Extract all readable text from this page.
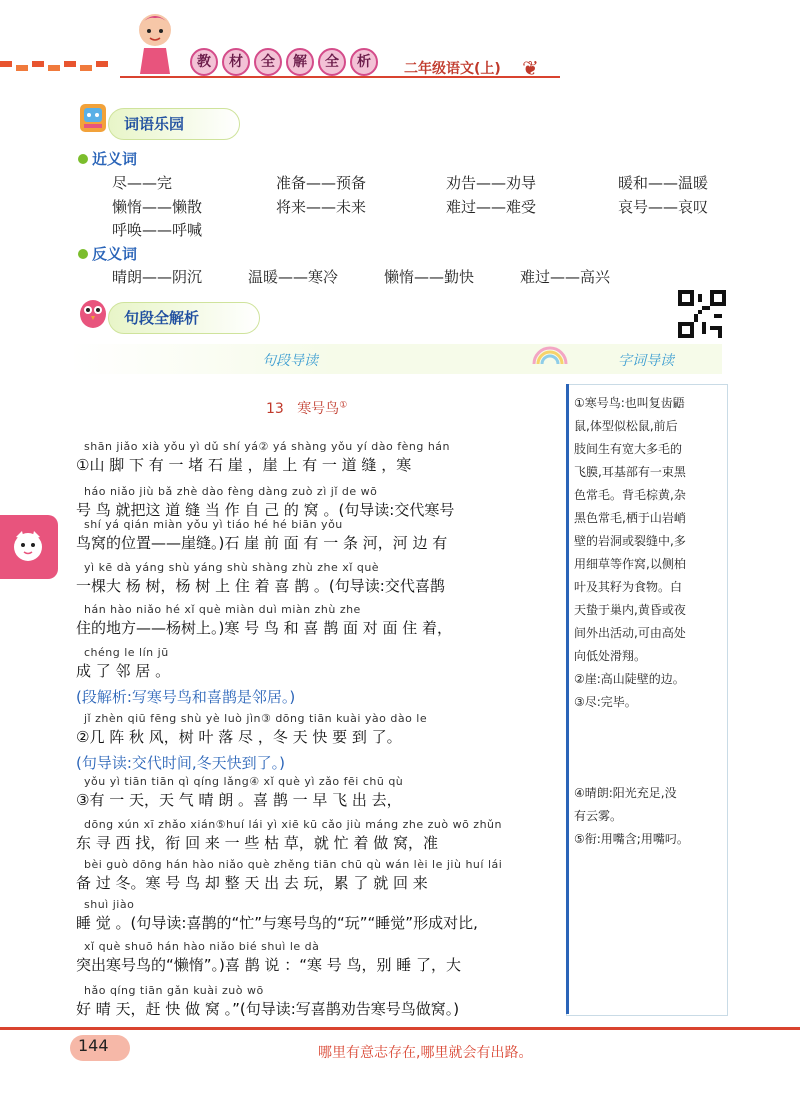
教	材	全	解	全	析	二年级语文(上) ❦
词语乐园
近义词
尽——完	准备——预备	劝告——劝导	暖和——温暖
懒惰——懒散	将来——未来	难过——难受	哀号——哀叹
呼唤——呼喊
反义词
晴朗——阴沉	温暖——寒冷	懒惰——勤快	难过——高兴
句段全解析
句段导读	字词导读
13 寒号鸟①
shān jiǎo xià yǒu yì dǔ shí yá② yá shàng yǒu yí dào fèng hán
①山 脚 下 有 一 堵 石 崖 ，崖 上 有 一 道 缝 ，寒
háo niǎo jiù bǎ zhè dào fèng dàng zuò zì jǐ de wō
号 鸟 就把这 道 缝 当 作 自 己 的 窝 。(句导读:交代寒号
shí yá qián miàn yǒu yì tiáo hé hé biān yǒu
鸟窝的位置——崖缝。)石 崖 前 面 有 一 条 河，河 边 有
yì kē dà yáng shù yáng shù shàng zhù zhe xǐ què
一棵大 杨 树，杨 树 上 住 着 喜 鹊 。(句导读:交代喜鹊
hán hào niǎo hé xǐ què miàn duì miàn zhù zhe
住的地方——杨树上。)寒 号 鸟 和 喜 鹊 面 对 面 住 着，
chéng le lín jū
成 了 邻 居 。
(段解析:写寒号鸟和喜鹊是邻居。)
jǐ zhèn qiū fēng shù yè luò jìn③ dōng tiān kuài yào dào le
②几 阵 秋 风，树 叶 落 尽 ，冬 天 快 要 到 了。
(句导读:交代时间,冬天快到了。)
yǒu yì tiān tiān qì qíng lǎng④ xǐ què yì zǎo fēi chū qù
③有 一 天，天 气 晴 朗 。喜 鹊 一 早 飞 出 去，
dōng xún xī zhǎo xián⑤huí lái yì xiē kū cǎo jiù máng zhe zuò wō zhǔn
东 寻 西 找，衔 回 来 一 些 枯 草，就 忙 着 做 窝，准
bèi guò dōng hán hào niǎo què zhěng tiān chū qù wán lèi le jiù huí lái
备 过 冬。寒 号 鸟 却 整 天 出 去 玩，累 了 就 回 来
shuì jiào
睡 觉 。(句导读:喜鹊的“忙”与寒号鸟的“玩”“睡觉”形成对比,
xǐ què shuō hán hào niǎo bié shuì le dà
突出寒号鸟的“懒惰”。)喜 鹊 说 ：“寒 号 鸟，别 睡 了，大
hǎo qíng tiān gǎn kuài zuò wō
好 晴 天，赶 快 做 窝 。”(句导读:写喜鹊劝告寒号鸟做窝。)
①寒号鸟:也叫复齿鼯
鼠,体型似松鼠,前后
肢间生有宽大多毛的
飞膜,耳基部有一束黑
色常毛。背毛棕黄,杂
黑色常毛,栖于山岩峭
壁的岩洞或裂缝中,多
用细草等作窝,以侧柏
叶及其籽为食物。白
天蛰于巢内,黄昏或夜
间外出活动,可由高处
向低处滑翔。
②崖:高山陡壁的边。
③尽:完毕。
④晴朗:阳光充足,没
有云雾。
⑤衔:用嘴含;用嘴叼。
144	哪里有意志存在,哪里就会有出路。
